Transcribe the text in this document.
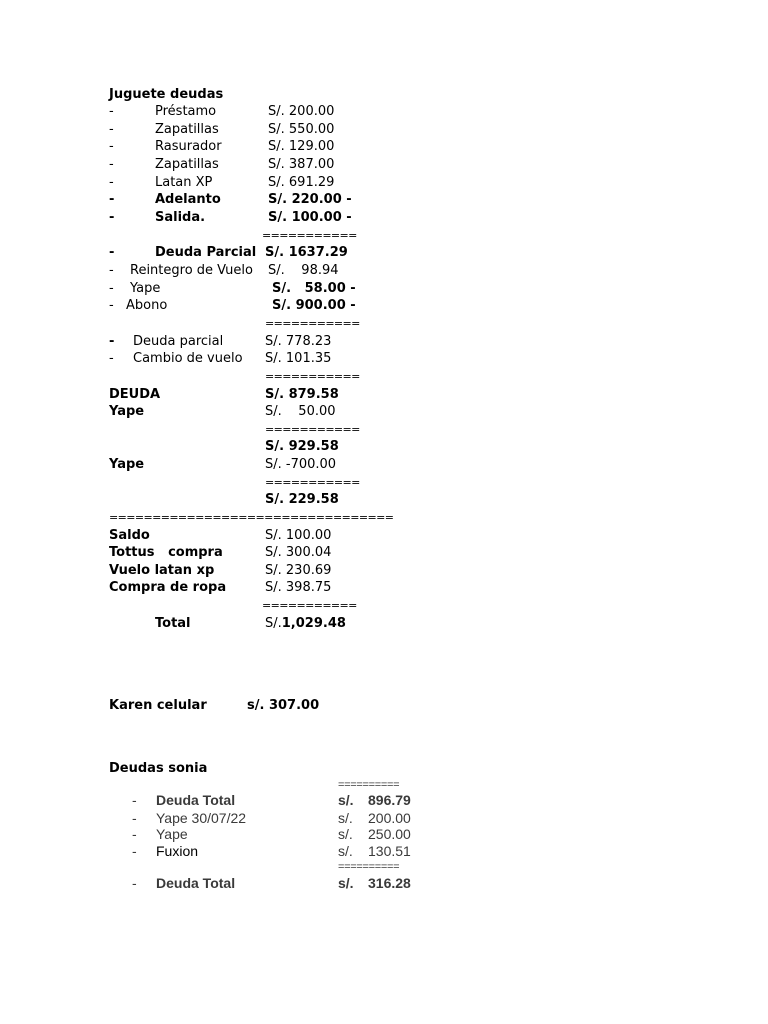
Juguete deudas
-	Préstamo	S/. 200.00
-	Zapatillas	S/. 550.00
-	Rasurador	S/. 129.00
-	Zapatillas	S/. 387.00
-	Latan XP	S/. 691.29
-	Adelanto	S/. 220.00 -
-	Salida.	S/. 100.00 -
===========
-	Deuda Parcial S/. 1637.29
- Reintegro de Vuelo S/.    98.94
- Yape	S/.   58.00 -
- Abono	S/. 900.00 -
===========
- Deuda parcial	S/. 778.23
- Cambio de vuelo S/. 101.35
===========
DEUDA	S/. 879.58
Yape	S/.    50.00
===========
S/. 929.58
Yape	S/. -700.00
===========
S/. 229.58
=================================
Saldo	S/. 100.00
Tottus   compra	S/. 300.04
Vuelo latan xp	S/. 230.69
Compra de ropa	S/. 398.75
===========
Total	S/.1,029.48
Karen celular	s/. 307.00
Deudas sonia
==========
- Deuda Total	s/. 896.79
- Yape 30/07/22	s/. 200.00
- Yape	s/. 250.00
- Fuxion	s/. 130.51
==========
- Deuda Total	s/. 316.28
